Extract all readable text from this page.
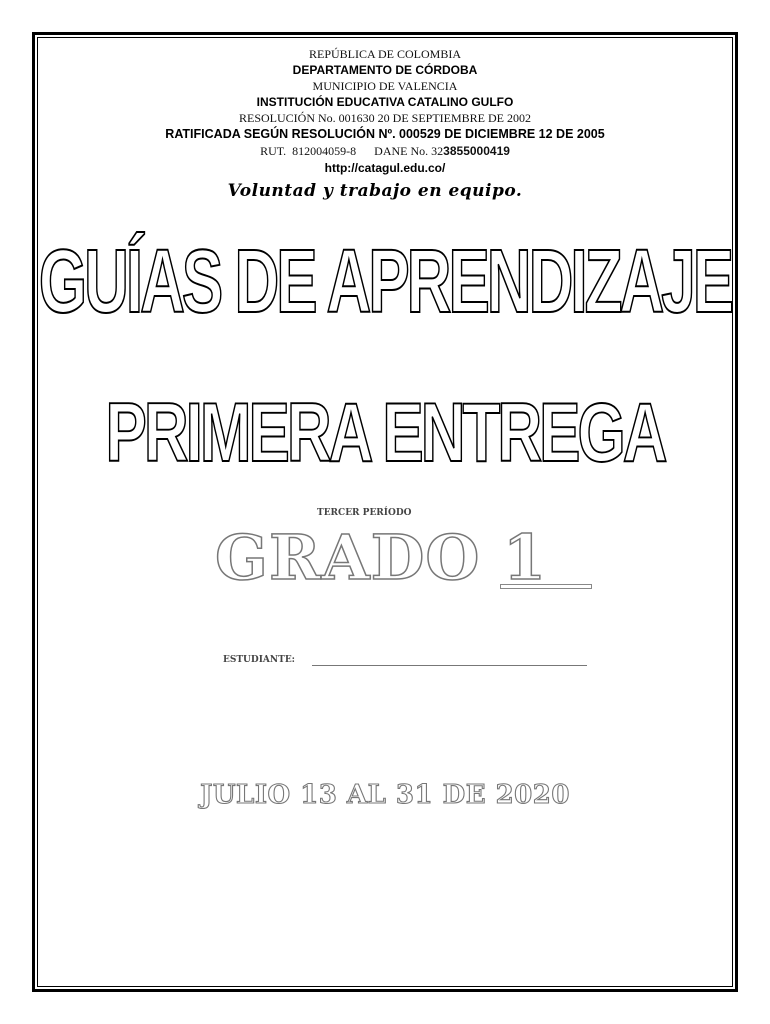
REPÚBLICA DE COLOMBIA
DEPARTAMENTO DE CÓRDOBA
MUNICIPIO DE VALENCIA
INSTITUCIÓN EDUCATIVA CATALINO GULFO
RESOLUCIÓN No. 001630 20 DE SEPTIEMBRE DE 2002
RATIFICADA SEGÚN RESOLUCIÓN Nº. 000529 DE DICIEMBRE 12 DE 2005
RUT.  812004059-8      DANE No. 323855000419
http://catagul.edu.co/
Voluntad y trabajo en equipo.
GUÍAS DE APRENDIZAJE
PRIMERA ENTREGA
TERCER PERÍODO
GRADO 1
ESTUDIANTE:
JULIO 13 AL 31 DE 2020
